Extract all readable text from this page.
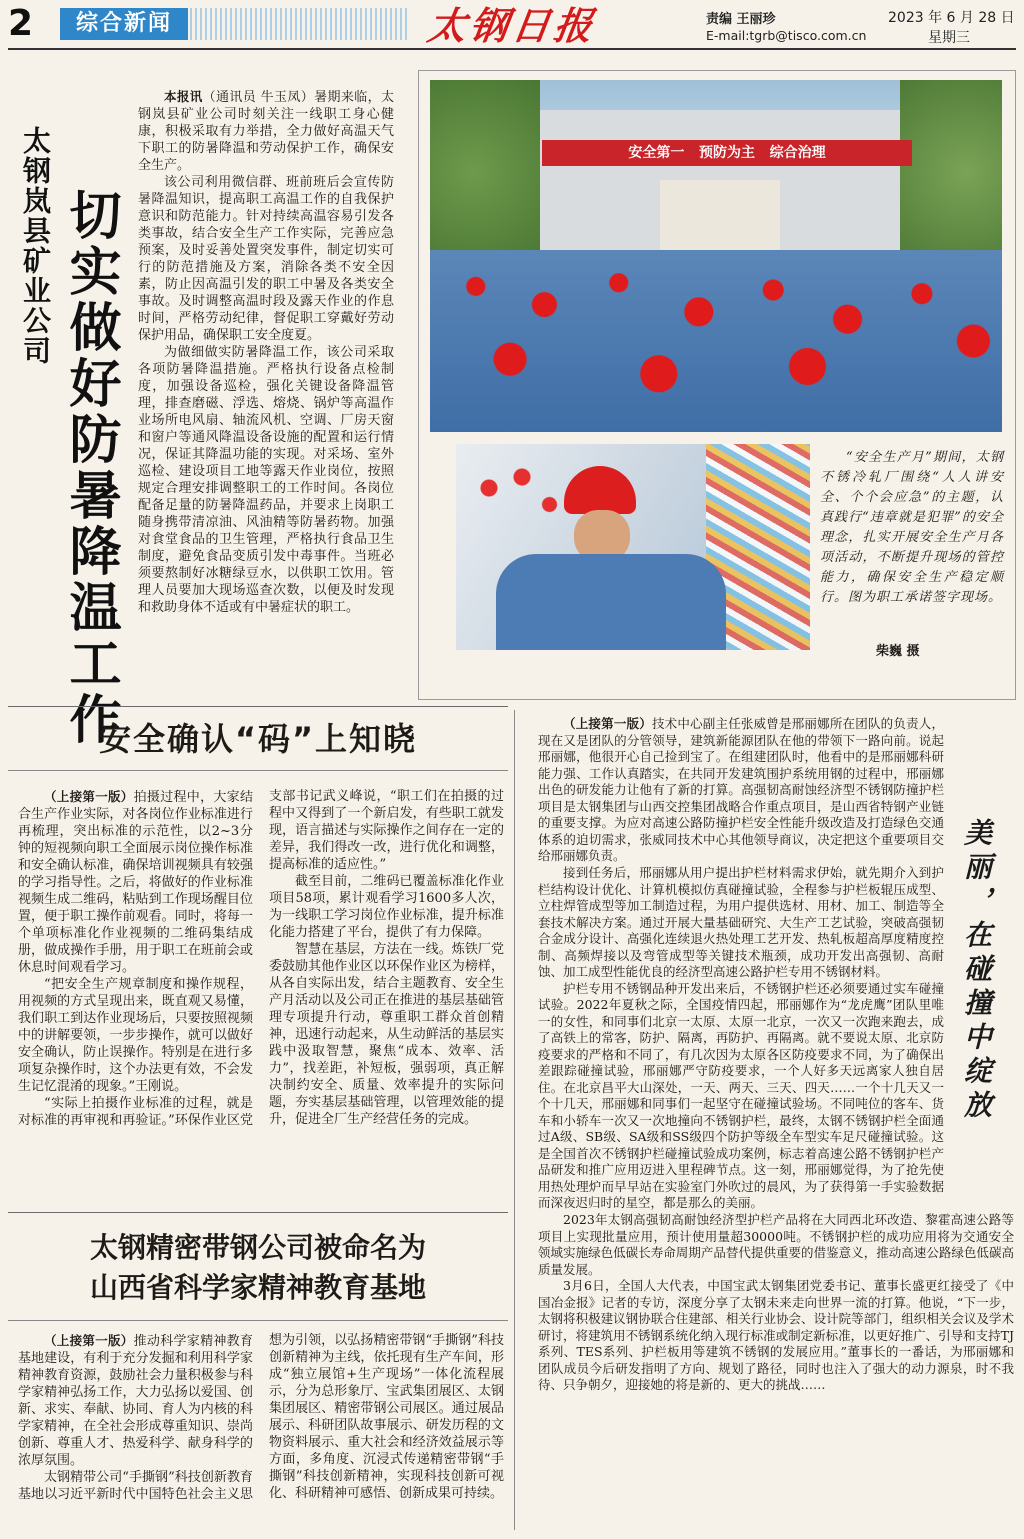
2	综合新闻	太钢日报	责编 王丽珍
E-mail:tgrb@tisco.com.cn
2023 年 6 月 28 日
星期三
太钢岚县矿业公司 切实做好防暑降温工作

本报讯（通讯员 牛玉凤）暑期来临，太钢岚县矿业公司时刻关注一线职工身心健康，积极采取有力举措，全力做好高温天气下职工的防暑降温和劳动保护工作，确保安全生产。

该公司利用微信群、班前班后会宣传防暑降温知识，提高职工高温工作的自我保护意识和防范能力。针对持续高温容易引发各类事故，结合安全生产工作实际，完善应急预案，及时妥善处置突发事件，制定切实可行的防范措施及方案，消除各类不安全因素，防止因高温引发的职工中暑及各类安全事故。及时调整高温时段及露天作业的作息时间，严格劳动纪律，督促职工穿戴好劳动保护用品，确保职工安全度夏。

为做细做实防暑降温工作，该公司采取各项防暑降温措施。严格执行设备点检制度，加强设备巡检，强化关键设备降温管理，排查磨磁、浮选、熔烧、锅炉等高温作业场所电风扇、轴流风机、空调、厂房天窗和窗户等通风降温设备设施的配置和运行情况，保证其降温功能的实现。对采场、室外巡检、建设项目工地等露天作业岗位，按照规定合理安排调整职工的工作时间。各岗位配备足量的防暑降温药品，并要求上岗职工随身携带清凉油、风油精等防暑药物。加强对食堂食品的卫生管理，严格执行食品卫生制度，避免食品变质引发中毒事件。当班必须要熬制好冰糖绿豆水，以供职工饮用。管理人员要加大现场巡查次数，以便及时发现和救助身体不适或有中暑症状的职工。

安全第一   预防为主   综合治理
“安全生产月”期间，太钢不锈冷轧厂围绕“人人讲安全、个个会应急”的主题，认真践行“违章就是犯罪”的安全理念，扎实开展安全生产月各项活动，不断提升现场的管控能力，确保安全生产稳定顺行。图为职工承诺签字现场。
柴巍 摄
安全确认“码”上知晓

（上接第一版）拍摄过程中，大家结合生产作业实际，对各岗位作业标准进行再梳理，突出标准的示范性，以2~3分钟的短视频向职工全面展示岗位操作标准和安全确认标准，确保培训视频具有较强的学习指导性。之后，将做好的作业标准视频生成二维码，粘贴到工作现场醒目位置，便于职工操作前观看。同时，将每一个单项标准化作业视频的二维码集结成册，做成操作手册，用于职工在班前会或休息时间观看学习。

“把安全生产规章制度和操作规程，用视频的方式呈现出来，既直观又易懂，我们职工到达作业现场后，只要按照视频中的讲解要领，一步步操作，就可以做好安全确认，防止误操作。特别是在进行多项复杂操作时，这个办法更有效，不会发生记忆混淆的现象。”王刚说。

“实际上拍摄作业标准的过程，就是对标准的再审视和再验证。”环保作业区党支部书记武义峰说，“职工们在拍摄的过程中又得到了一个新启发，有些职工就发现，语言描述与实际操作之间存在一定的差异，我们得改一改，进行优化和调整，提高标准的适应性。”

截至目前，二维码已覆盖标准化作业项目58项，累计观看学习1600多人次，为一线职工学习岗位作业标准，提升标准化能力搭建了平台，提供了有力保障。

智慧在基层，方法在一线。炼铁厂党委鼓励其他作业区以环保作业区为榜样，从各自实际出发，结合主题教育、安全生产月活动以及公司正在推进的基层基础管理专项提升行动，尊重职工群众首创精神，迅速行动起来，从生动鲜活的基层实践中汲取智慧，聚焦“成本、效率、活力”，找差距，补短板，强弱项，真正解决制约安全、质量、效率提升的实际问题，夯实基层基础管理，以管理效能的提升，促进全厂生产经营任务的完成。

太钢精密带钢公司被命名为
山西省科学家精神教育基地

（上接第一版）推动科学家精神教育基地建设，有利于充分发掘和利用科学家精神教育资源，鼓励社会力量积极参与科学家精神弘扬工作，大力弘扬以爱国、创新、求实、奉献、协同、育人为内核的科学家精神，在全社会形成尊重知识、崇尚创新、尊重人才、热爱科学、献身科学的浓厚氛围。

太钢精带公司“手撕钢”科技创新教育基地以习近平新时代中国特色社会主义思想为引领，以弘扬精密带钢“手撕钢”科技创新精神为主线，依托现有生产车间，形成“独立展馆+生产现场”一体化流程展示，分为总形象厅、宝武集团展区、太钢集团展区、精密带钢公司展区。通过展品展示、科研团队故事展示、研发历程的文物资料展示、重大社会和经济效益展示等方面，多角度、沉浸式传递精密带钢“手撕钢”科技创新精神，实现科技创新可视化、科研精神可感悟、创新成果可持续。

美丽，在碰撞中绽放

（上接第一版）技术中心副主任张威曾是邢丽娜所在团队的负责人，现在又是团队的分管领导，建筑新能源团队在他的带领下一路向前。说起邢丽娜，他很开心自己捡到宝了。在组建团队时，他看中的是邢丽娜科研能力强、工作认真踏实，在共同开发建筑围护系统用钢的过程中，邢丽娜出色的研发能力让他有了新的打算。高强韧高耐蚀经济型不锈钢防撞护栏项目是太钢集团与山西交控集团战略合作重点项目，是山西省特钢产业链的重要支撑。为应对高速公路防撞护栏安全性能升级改造及打造绿色交通体系的迫切需求，张威同技术中心其他领导商议，决定把这个重要项目交给邢丽娜负责。

接到任务后，邢丽娜从用户提出护栏材料需求伊始，就先期介入到护栏结构设计优化、计算机模拟仿真碰撞试验，全程参与护栏板辊压成型、立柱焊管成型等加工制造过程，为用户提供选材、用材、加工、制造等全套技术解决方案。通过开展大量基础研究、大生产工艺试验，突破高强韧合金成分设计、高强化连续退火热处理工艺开发、热轧板超高厚度精度控制、高频焊接以及弯管成型等关键技术瓶颈，成功开发出高强韧、高耐蚀、加工成型性能优良的经济型高速公路护栏专用不锈钢材料。

护栏专用不锈钢品种开发出来后，不锈钢护栏还必须要通过实车碰撞试验。2022年夏秋之际，全国疫情四起，邢丽娜作为“龙虎鹰”团队里唯一的女性，和同事们北京一太原、太原一北京，一次又一次跑来跑去，成了高铁上的常客，防护、隔离，再防护、再隔离。就不要说太原、北京防疫要求的严格和不同了，有几次因为太原各区防疫要求不同，为了确保出差跟踪碰撞试验，邢丽娜严守防疫要求，一个人好多天远离家人独自居住。在北京昌平大山深处，一天、两天、三天、四天……一个十几天又一个十几天，邢丽娜和同事们一起坚守在碰撞试验场。不同吨位的客车、货车和小轿车一次又一次地撞向不锈钢护栏，最终，太钢不锈钢护栏全面通过A级、SB级、SA级和SS级四个防护等级全车型实车足尺碰撞试验。这是全国首次不锈钢护栏碰撞试验成功案例，标志着高速公路不锈钢护栏产品研发和推广应用迈进入里程碑节点。这一刻，邢丽娜觉得，为了抢先使用热处理炉而早早站在实验室门外吹过的晨风，为了获得第一手实验数据而深夜迟归时的星空，都是那么的美丽。

2023年太钢高强韧高耐蚀经济型护栏产品将在大同西北环改造、黎霍高速公路等项目上实现批量应用，预计使用量超30000吨。不锈钢护栏的成功应用将为交通安全领域实施绿色低碳长寿命周期产品替代提供重要的借鉴意义，推动高速公路绿色低碳高质量发展。

3月6日，全国人大代表，中国宝武太钢集团党委书记、董事长盛更红接受了《中国冶金报》记者的专访，深度分享了太钢未来走向世界一流的打算。他说，“下一步，太钢将积极建议钢协联合住建部、相关行业协会、设计院等部门，组织相关会议及学术研讨，将建筑用不锈钢系统化纳入现行标准或制定新标准，以更好推广、引导和支持TJ系列、TES系列、护栏板用等建筑不锈钢的发展应用。”董事长的一番话，为邢丽娜和团队成员今后研发指明了方向、规划了路径，同时也注入了强大的动力源泉，时不我待、只争朝夕，迎接她的将是新的、更大的挑战……
